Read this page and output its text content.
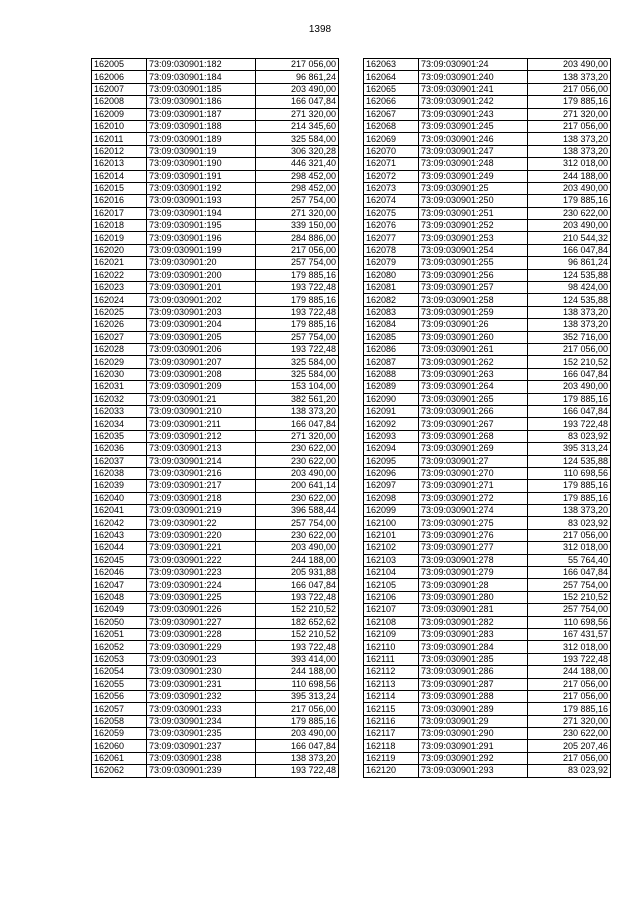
1398
162005	73:09:030901:182	217 056,00
162006	73:09:030901:184	96 861,24
162007	73:09:030901:185	203 490,00
162008	73:09:030901:186	166 047,84
162009	73:09:030901:187	271 320,00
162010	73:09:030901:188	214 345,60
162011	73:09:030901:189	325 584,00
162012	73:09:030901:19	306 320,28
162013	73:09:030901:190	446 321,40
162014	73:09:030901:191	298 452,00
162015	73:09:030901:192	298 452,00
162016	73:09:030901:193	257 754,00
162017	73:09:030901:194	271 320,00
162018	73:09:030901:195	339 150,00
162019	73:09:030901:196	284 886,00
162020	73:09:030901:199	217 056,00
162021	73:09:030901:20	257 754,00
162022	73:09:030901:200	179 885,16
162023	73:09:030901:201	193 722,48
162024	73:09:030901:202	179 885,16
162025	73:09:030901:203	193 722,48
162026	73:09:030901:204	179 885,16
162027	73:09:030901:205	257 754,00
162028	73:09:030901:206	193 722,48
162029	73:09:030901:207	325 584,00
162030	73:09:030901:208	325 584,00
162031	73:09:030901:209	153 104,00
162032	73:09:030901:21	382 561,20
162033	73:09:030901:210	138 373,20
162034	73:09:030901:211	166 047,84
162035	73:09:030901:212	271 320,00
162036	73:09:030901:213	230 622,00
162037	73:09:030901:214	230 622,00
162038	73:09:030901:216	203 490,00
162039	73:09:030901:217	200 641,14
162040	73:09:030901:218	230 622,00
162041	73:09:030901:219	396 588,44
162042	73:09:030901:22	257 754,00
162043	73:09:030901:220	230 622,00
162044	73:09:030901:221	203 490,00
162045	73:09:030901:222	244 188,00
162046	73:09:030901:223	205 931,88
162047	73:09:030901:224	166 047,84
162048	73:09:030901:225	193 722,48
162049	73:09:030901:226	152 210,52
162050	73:09:030901:227	182 652,62
162051	73:09:030901:228	152 210,52
162052	73:09:030901:229	193 722,48
162053	73:09:030901:23	393 414,00
162054	73:09:030901:230	244 188,00
162055	73:09:030901:231	110 698,56
162056	73:09:030901:232	395 313,24
162057	73:09:030901:233	217 056,00
162058	73:09:030901:234	179 885,16
162059	73:09:030901:235	203 490,00
162060	73:09:030901:237	166 047,84
162061	73:09:030901:238	138 373,20
162062	73:09:030901:239	193 722,48
162063	73:09:030901:24	203 490,00
162064	73:09:030901:240	138 373,20
162065	73:09:030901:241	217 056,00
162066	73:09:030901:242	179 885,16
162067	73:09:030901:243	271 320,00
162068	73:09:030901:245	217 056,00
162069	73:09:030901:246	138 373,20
162070	73:09:030901:247	138 373,20
162071	73:09:030901:248	312 018,00
162072	73:09:030901:249	244 188,00
162073	73:09:030901:25	203 490,00
162074	73:09:030901:250	179 885,16
162075	73:09:030901:251	230 622,00
162076	73:09:030901:252	203 490,00
162077	73:09:030901:253	210 544,32
162078	73:09:030901:254	166 047,84
162079	73:09:030901:255	96 861,24
162080	73:09:030901:256	124 535,88
162081	73:09:030901:257	98 424,00
162082	73:09:030901:258	124 535,88
162083	73:09:030901:259	138 373,20
162084	73:09:030901:26	138 373,20
162085	73:09:030901:260	352 716,00
162086	73:09:030901:261	217 056,00
162087	73:09:030901:262	152 210,52
162088	73:09:030901:263	166 047,84
162089	73:09:030901:264	203 490,00
162090	73:09:030901:265	179 885,16
162091	73:09:030901:266	166 047,84
162092	73:09:030901:267	193 722,48
162093	73:09:030901:268	83 023,92
162094	73:09:030901:269	395 313,24
162095	73:09:030901:27	124 535,88
162096	73:09:030901:270	110 698,56
162097	73:09:030901:271	179 885,16
162098	73:09:030901:272	179 885,16
162099	73:09:030901:274	138 373,20
162100	73:09:030901:275	83 023,92
162101	73:09:030901:276	217 056,00
162102	73:09:030901:277	312 018,00
162103	73:09:030901:278	55 764,40
162104	73:09:030901:279	166 047,84
162105	73:09:030901:28	257 754,00
162106	73:09:030901:280	152 210,52
162107	73:09:030901:281	257 754,00
162108	73:09:030901:282	110 698,56
162109	73:09:030901:283	167 431,57
162110	73:09:030901:284	312 018,00
162111	73:09:030901:285	193 722,48
162112	73:09:030901:286	244 188,00
162113	73:09:030901:287	217 056,00
162114	73:09:030901:288	217 056,00
162115	73:09:030901:289	179 885,16
162116	73:09:030901:29	271 320,00
162117	73:09:030901:290	230 622,00
162118	73:09:030901:291	205 207,46
162119	73:09:030901:292	217 056,00
162120	73:09:030901:293	83 023,92
